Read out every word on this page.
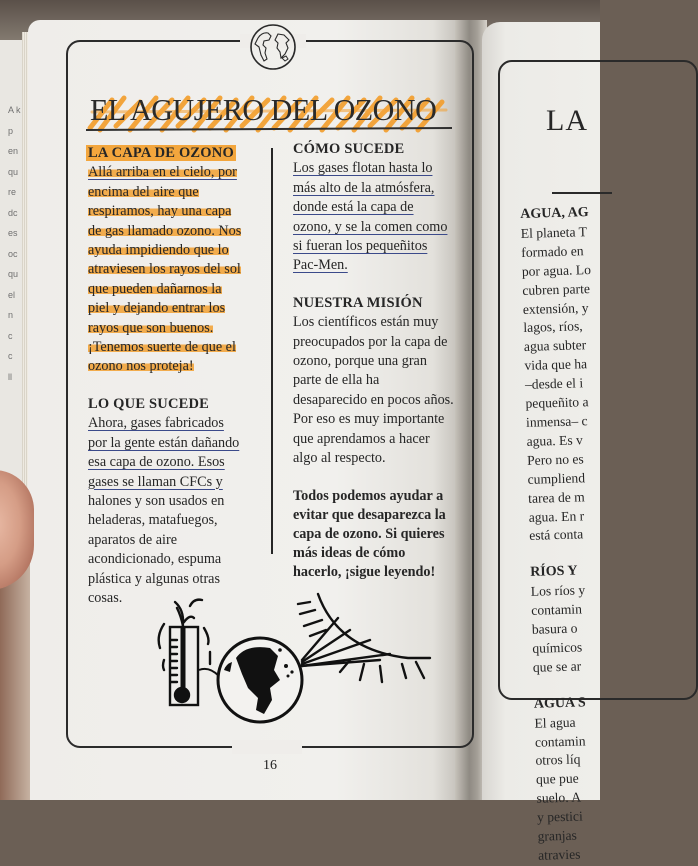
A k
p
en
qu
re
dc
es
oc
qu
el
n
c
c
ll
16
EL AGUJERO DEL OZONO
LA CAPA DE OZONO
Allá arriba en el cielo, por
encima del aire que
respiramos, hay una capa
de gas llamado ozono. Nos
ayuda impidiendo que lo
atraviesen los rayos del sol
que pueden dañarnos la
piel y dejando entrar los
rayos que son buenos.
¡Tenemos suerte de que el
ozono nos proteja!
LO QUE SUCEDE
Ahora, gases fabricados
por la gente están dañando
esa capa de ozono. Esos
gases se llaman CFCs y
halones y son usados en
heladeras, matafuegos,
aparatos de aire
acondicionado, espuma
plástica y algunas otras
cosas.
CÓMO SUCEDE
Los gases flotan hasta lo
más alto de la atmósfera,
donde está la capa de
ozono, y se la comen como
si fueran los pequeñitos
Pac-Men.
NUESTRA MISIÓN
Los científicos están muy
preocupados por la capa de
ozono, porque una gran
parte de ella ha
desaparecido en pocos años.
Por eso es muy importante
que aprendamos a hacer
algo al respecto.
Todos podemos ayudar a
evitar que desaparezca la
capa de ozono. Si quieres
más ideas de cómo
hacerlo, ¡sigue leyendo!
LA
AGUA, AG
El planeta T
formado en
por agua. Lo
cubren parte
extensión, y
lagos, ríos,
agua subter
vida que ha
–desde el i
pequeñito a
inmensa– c
agua. Es v
Pero no es
cumpliend
tarea de m
agua. En r
está conta
RÍOS Y
Los ríos y
contamin
basura o
químicos
que se ar
AGUA S
El agua
contamin
otros líq
que pue
suelo. A
y pestici
granjas
atravies
